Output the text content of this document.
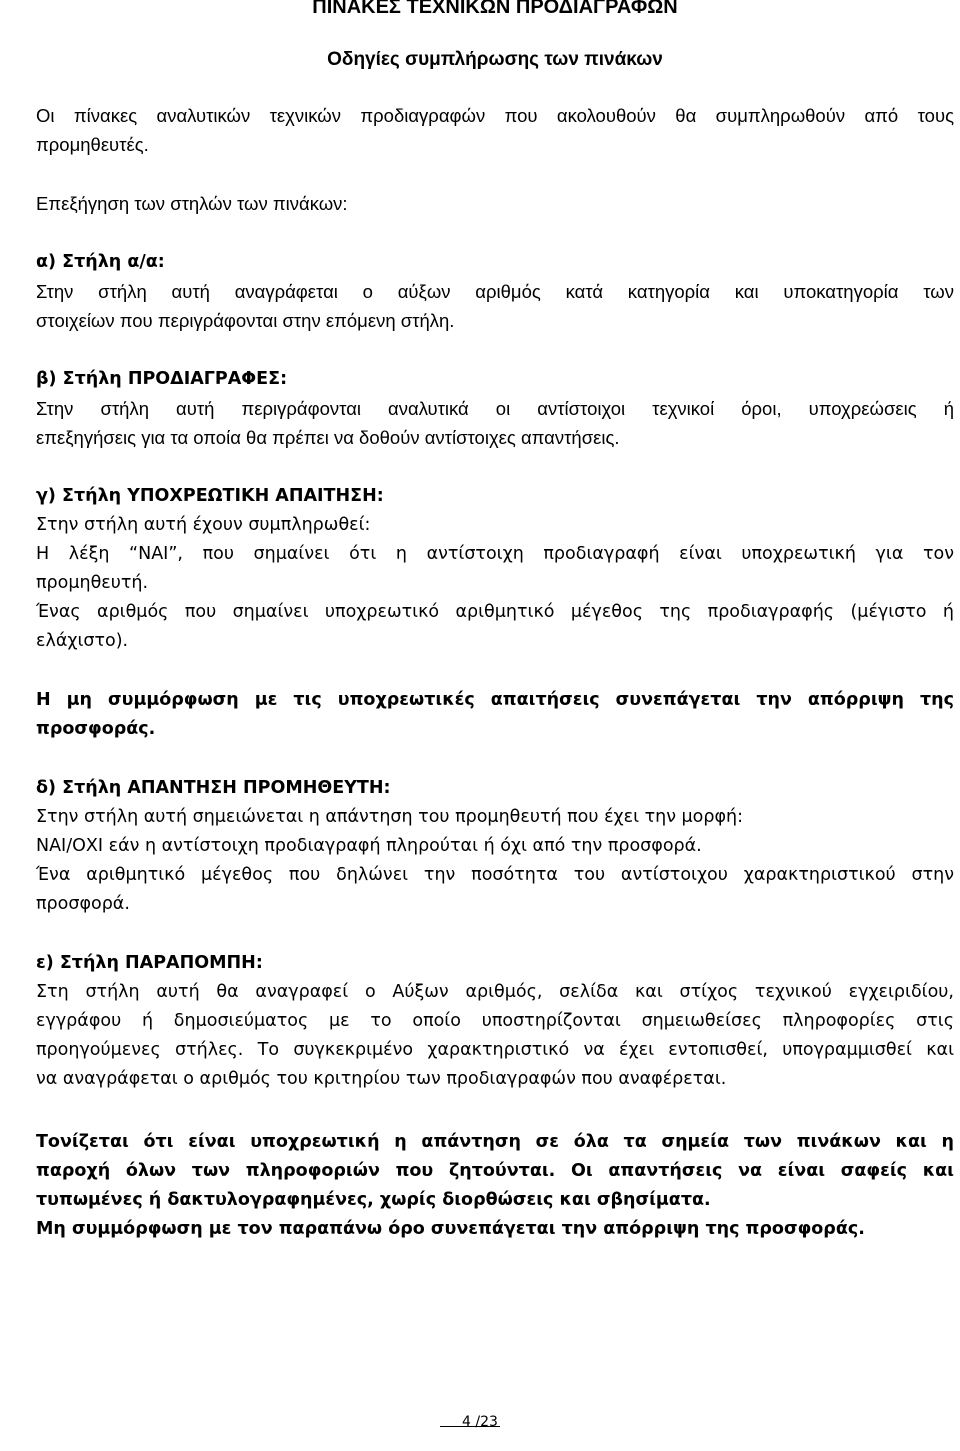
ΠΙΝΑΚΕΣ ΤΕΧΝΙΚΩΝ ΠΡΟΔΙΑΓΡΑΦΩΝ
Οδηγίες συμπλήρωσης των πινάκων

Οι πίνακες αναλυτικών τεχνικών προδιαγραφών που ακολουθούν θα συμπληρωθούν από τους

προμηθευτές.

Επεξήγηση των στηλών των πινάκων:

α) Στήλη α/α:

Στην στήλη αυτή αναγράφεται ο αύξων αριθμός κατά κατηγορία και υποκατηγορία των

στοιχείων που περιγράφονται στην επόμενη στήλη.

β) Στήλη ΠΡΟΔΙΑΓΡΑΦΕΣ:

Στην στήλη αυτή περιγράφονται αναλυτικά οι αντίστοιχοι τεχνικοί όροι, υποχρεώσεις ή

επεξηγήσεις για τα οποία θα πρέπει να δοθούν αντίστοιχες απαντήσεις.

γ) Στήλη ΥΠΟΧΡΕΩΤΙΚΗ ΑΠΑΙΤΗΣΗ:

Στην στήλη αυτή έχουν συμπληρωθεί:

Η λέξη “ΝΑΙ”, που σημαίνει ότι η αντίστοιχη προδιαγραφή είναι υποχρεωτική για τον

προμηθευτή.

Ένας αριθμός που σημαίνει υποχρεωτικό αριθμητικό μέγεθος της προδιαγραφής (μέγιστο ή

ελάχιστο).

Η μη συμμόρφωση με τις υποχρεωτικές απαιτήσεις συνεπάγεται την απόρριψη της

προσφοράς.

δ) Στήλη ΑΠΑΝΤΗΣΗ ΠΡΟΜΗΘΕΥΤΗ:

Στην στήλη αυτή σημειώνεται η απάντηση του προμηθευτή που έχει την μορφή:

ΝΑΙ/ΟΧΙ εάν η αντίστοιχη προδιαγραφή πληρούται ή όχι από την προσφορά.

Ένα αριθμητικό μέγεθος που δηλώνει την ποσότητα του αντίστοιχου χαρακτηριστικού στην

προσφορά.

ε) Στήλη ΠΑΡΑΠΟΜΠΗ:

Στη στήλη αυτή θα αναγραφεί ο Αύξων αριθμός, σελίδα και στίχος τεχνικού εγχειριδίου,

εγγράφου ή δημοσιεύματος με το οποίο υποστηρίζονται σημειωθείσες πληροφορίες στις

προηγούμενες στήλες. Το συγκεκριμένο χαρακτηριστικό να έχει εντοπισθεί, υπογραμμισθεί και

να αναγράφεται ο αριθμός του κριτηρίου των προδιαγραφών που αναφέρεται.

Τονίζεται ότι είναι υποχρεωτική η απάντηση σε όλα τα σημεία των πινάκων και η

παροχή όλων των πληροφοριών που ζητούνται. Οι απαντήσεις να είναι σαφείς και

τυπωμένες ή δακτυλογραφημένες, χωρίς διορθώσεις και σβησίματα.

Μη συμμόρφωση με τον παραπάνω όρο συνεπάγεται την απόρριψη της προσφοράς.

4 /23
